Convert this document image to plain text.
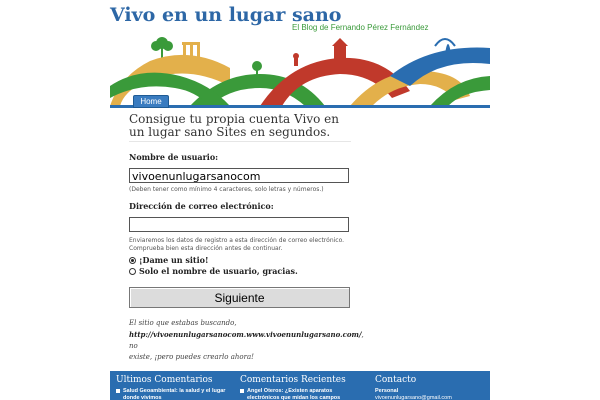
Vivo en un lugar sano
El Blog de Fernando Pérez Fernández
Home
Consigue tu propia cuenta Vivo en un lugar sano Sites en segundos.
Nombre de usuario:
vivoenunlugarsanocom
(Deben tener como mínimo 4 caracteres, solo letras y números.)
Dirección de correo electrónico:
Enviaremos los datos de registro a esta dirección de correo electrónico.
Comprueba bien esta dirección antes de continuar.
¡Dame un sitio!
Solo el nombre de usuario, gracias.
Siguiente
El sitio que estabas buscando,
http://vivoenunlugarsanocom.www.vivoenunlugarsano.com/, no
existe, ¡pero puedes crearlo ahora!
Ultimos Comentarios
Salud Geoambiental: la salud y el lugar
donde vivimos
Comentarios Recientes
Angel Oteros: ¿Existen aparatos
electrónicos que midan los campos
Contacto
Personal
vivoenunlugarsano@gmail.com
